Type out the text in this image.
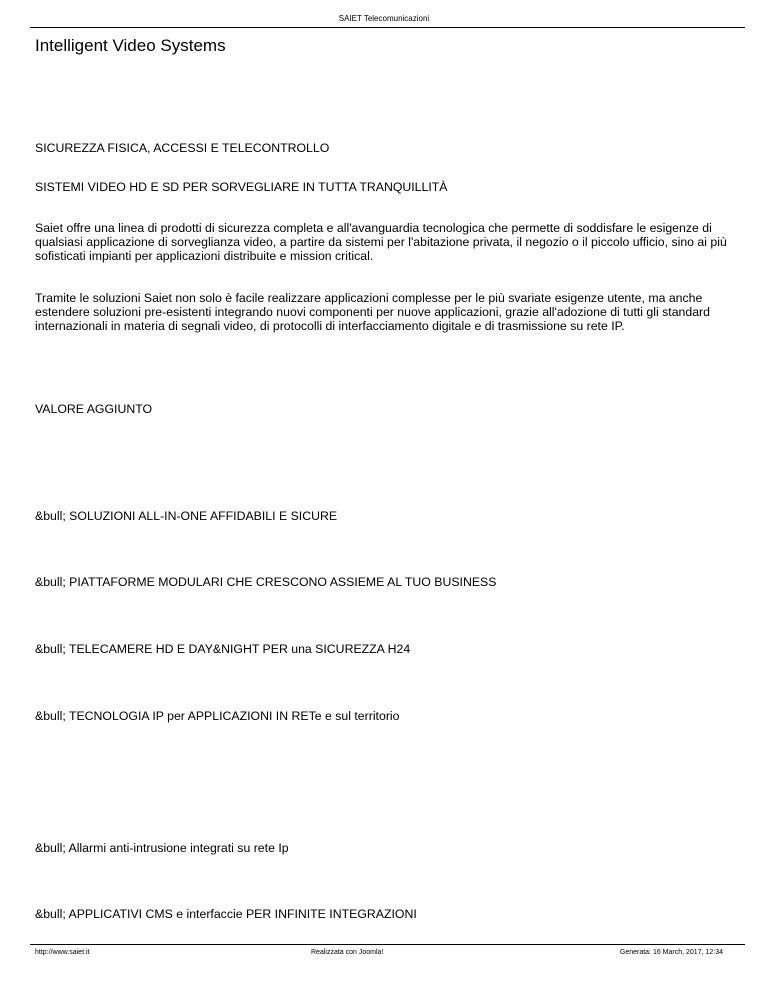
SAIET Telecomunicazioni
Intelligent Video Systems
SICUREZZA FISICA, ACCESSI E TELECONTROLLO
SISTEMI VIDEO HD E SD PER SORVEGLIARE IN TUTTA TRANQUILLITÀ
Saiet offre una linea di prodotti di sicurezza completa e all'avanguardia tecnologica che permette di soddisfare le esigenze di qualsiasi applicazione di sorveglianza video, a partire da sistemi per l'abitazione privata, il negozio o il piccolo ufficio, sino ai più sofisticati impianti per applicazioni distribuite e mission critical.
Tramite le soluzioni Saiet non solo è facile realizzare applicazioni complesse per le più svariate esigenze utente, ma anche estendere soluzioni pre-esistenti integrando nuovi componenti per nuove applicazioni, grazie all'adozione di tutti gli standard internazionali in materia di segnali video, di protocolli di interfacciamento digitale e di trasmissione su rete IP.
VALORE AGGIUNTO
&bull; SOLUZIONI ALL-IN-ONE AFFIDABILI E SICURE
&bull; PIATTAFORME MODULARI CHE CRESCONO ASSIEME AL TUO BUSINESS
&bull; TELECAMERE HD E DAY&NIGHT PER una SICUREZZA H24
&bull; TECNOLOGIA IP per APPLICAZIONI IN RETe e sul territorio
&bull; Allarmi anti-intrusione integrati su rete Ip
&bull; APPLICATIVI CMS e interfaccie PER INFINITE INTEGRAZIONI
http://www.saiet.it	Realizzata con Joomla!	Generata: 16 March, 2017, 12:34
